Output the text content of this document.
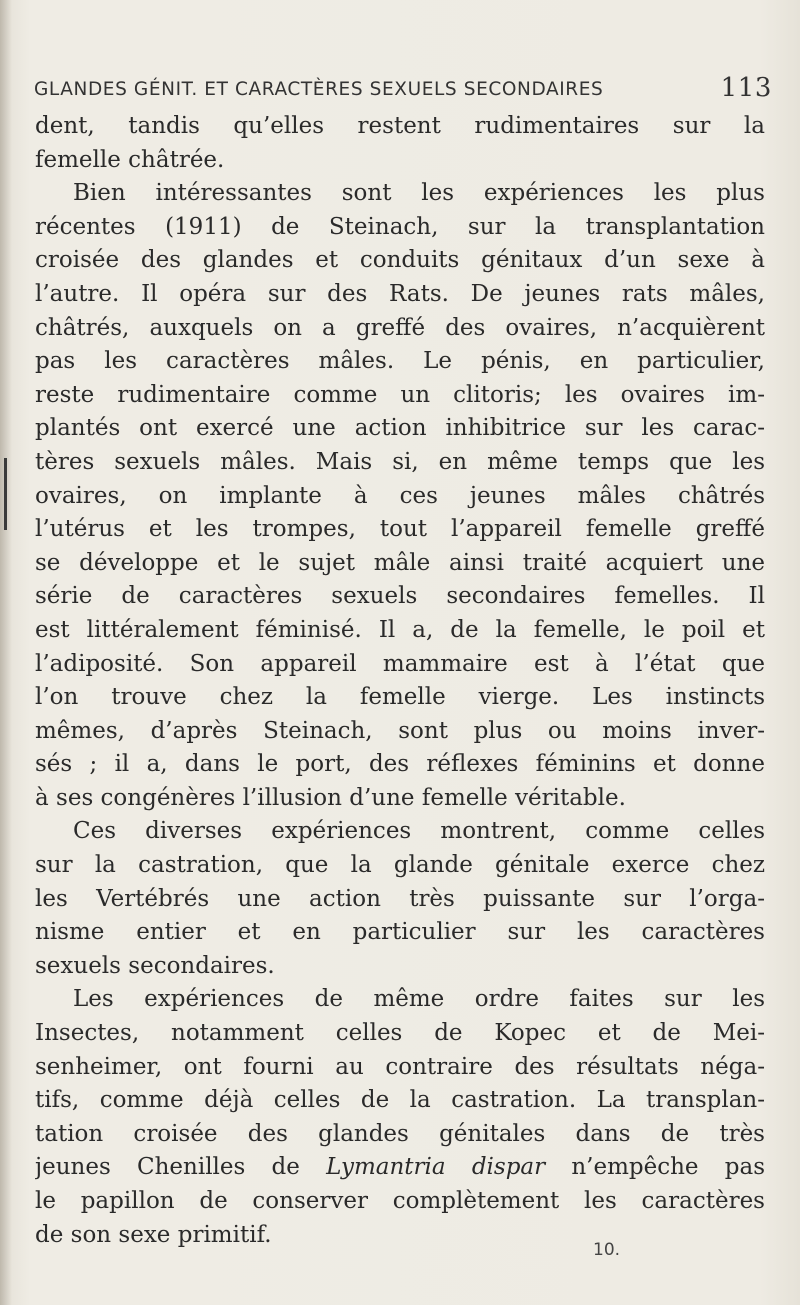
GLANDES GÉNIT. ET CARACTÈRES SEXUELS SECONDAIRES	113
dent, tandis qu’elles restent rudimentaires sur la
femelle châtrée.
Bien intéressantes sont les expériences les plus
récentes (1911) de Steinach, sur la transplantation
croisée des glandes et conduits génitaux d’un sexe à
l’autre. Il opéra sur des Rats. De jeunes rats mâles,
châtrés, auxquels on a greffé des ovaires, n’acquièrent
pas les caractères mâles. Le pénis, en particulier,
reste rudimentaire comme un clitoris; les ovaires im-
plantés ont exercé une action inhibitrice sur les carac-
tères sexuels mâles. Mais si, en même temps que les
ovaires, on implante à ces jeunes mâles châtrés
l’utérus et les trompes, tout l’appareil femelle greffé
se développe et le sujet mâle ainsi traité acquiert une
série de caractères sexuels secondaires femelles. Il
est littéralement féminisé. Il a, de la femelle, le poil et
l’adiposité. Son appareil mammaire est à l’état que
l’on trouve chez la femelle vierge. Les instincts
mêmes, d’après Steinach, sont plus ou moins inver-
sés ; il a, dans le port, des réflexes féminins et donne
à ses congénères l’illusion d’une femelle véritable.
Ces diverses expériences montrent, comme celles
sur la castration, que la glande génitale exerce chez
les Vertébrés une action très puissante sur l’orga-
nisme entier et en particulier sur les caractères
sexuels secondaires.
Les expériences de même ordre faites sur les
Insectes, notamment celles de Kopec et de Mei-
senheimer, ont fourni au contraire des résultats néga-
tifs, comme déjà celles de la castration. La transplan-
tation croisée des glandes génitales dans de très
jeunes Chenilles de Lymantria dispar n’empêche pas
le papillon de conserver complètement les caractères
de son sexe primitif.
10.
